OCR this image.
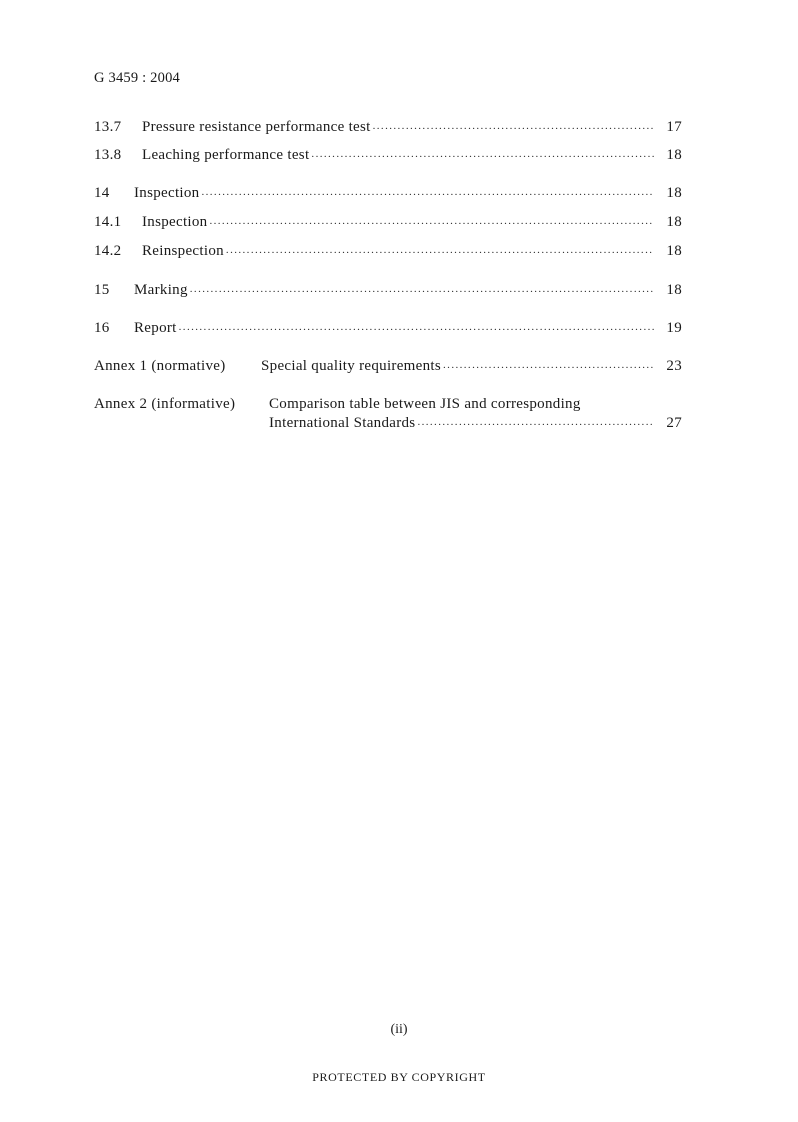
G 3459 : 2004
13.7	Pressure resistance performance test .....	17
13.8	Leaching performance test .....	18
14	Inspection .....	18
14.1	Inspection .....	18
14.2	Reinspection .....	18
15	Marking .....	18
16	Report .....	19
Annex 1 (normative)	Special quality requirements .....	23
Annex 2 (informative) Comparison table between JIS and corresponding
International Standards .....	27
(ii)
PROTECTED BY COPYRIGHT
